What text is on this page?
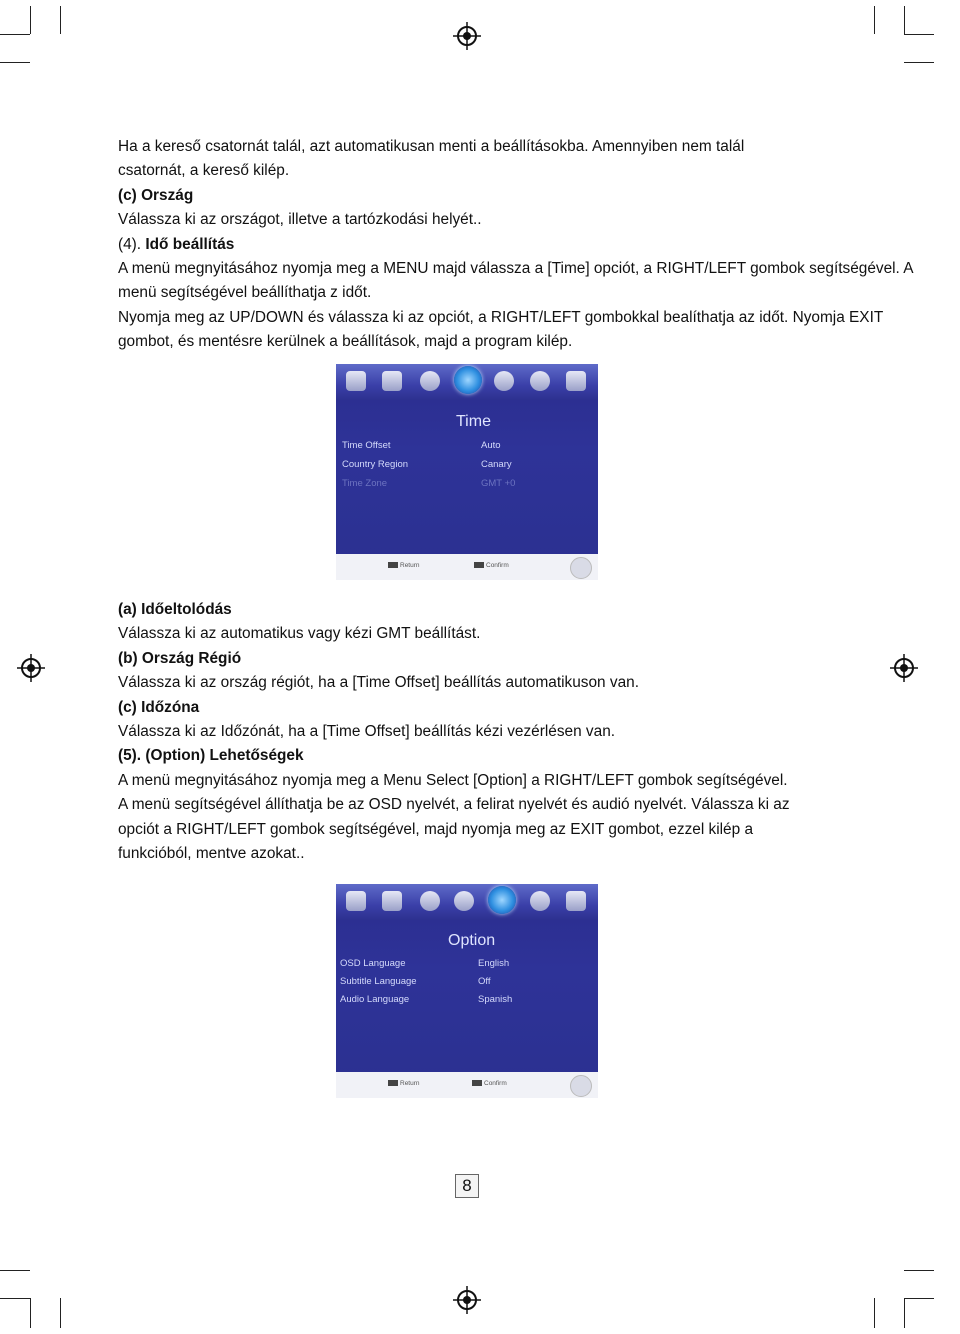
Ha a kereső csatornát talál, azt automatikusan menti a beállításokba. Amennyiben nem talál

csatornát, a kereső kilép.

(c) Ország

Válassza ki az országot, illetve a tartózkodási helyét..

(4). Idő beállítás

A menü megnyitásához nyomja meg a MENU majd válassza a [Time] opciót, a RIGHT/LEFT gombok segítségével. A

menü segítségével beállíthatja z időt.

Nyomja meg az UP/DOWN és válassza ki az opciót, a RIGHT/LEFT gombokkal bealíthatja az időt. Nyomja EXIT

gombot, és mentésre kerülnek a beállítások, majd a program kilép.

Time
Time Offset	Auto
Country Region	Canary
Time Zone	GMT +0
Return	Confirm

(a) Időeltolódás

Válassza ki az automatikus vagy kézi GMT beállítást.

(b) Ország Régió

Válassza ki az ország régiót, ha a [Time Offset] beállítás automatikuson van.

(c) Időzóna

Válassza ki az Időzónát, ha a [Time Offset] beállítás kézi vezérlésen van.

(5). (Option) Lehetőségek

A menü megnyitásához nyomja meg a Menu Select [Option] a RIGHT/LEFT gombok segítségével.

A menü segítségével állíthatja be az OSD nyelvét, a felirat nyelvét és audió nyelvét. Válassza ki az

opciót a RIGHT/LEFT gombok segítségével, majd nyomja meg az EXIT gombot, ezzel kilép a

funkcióból, mentve azokat..

Option
OSD Language	English
Subtitle Language	Off
Audio Language	Spanish
Return	Confirm
8
